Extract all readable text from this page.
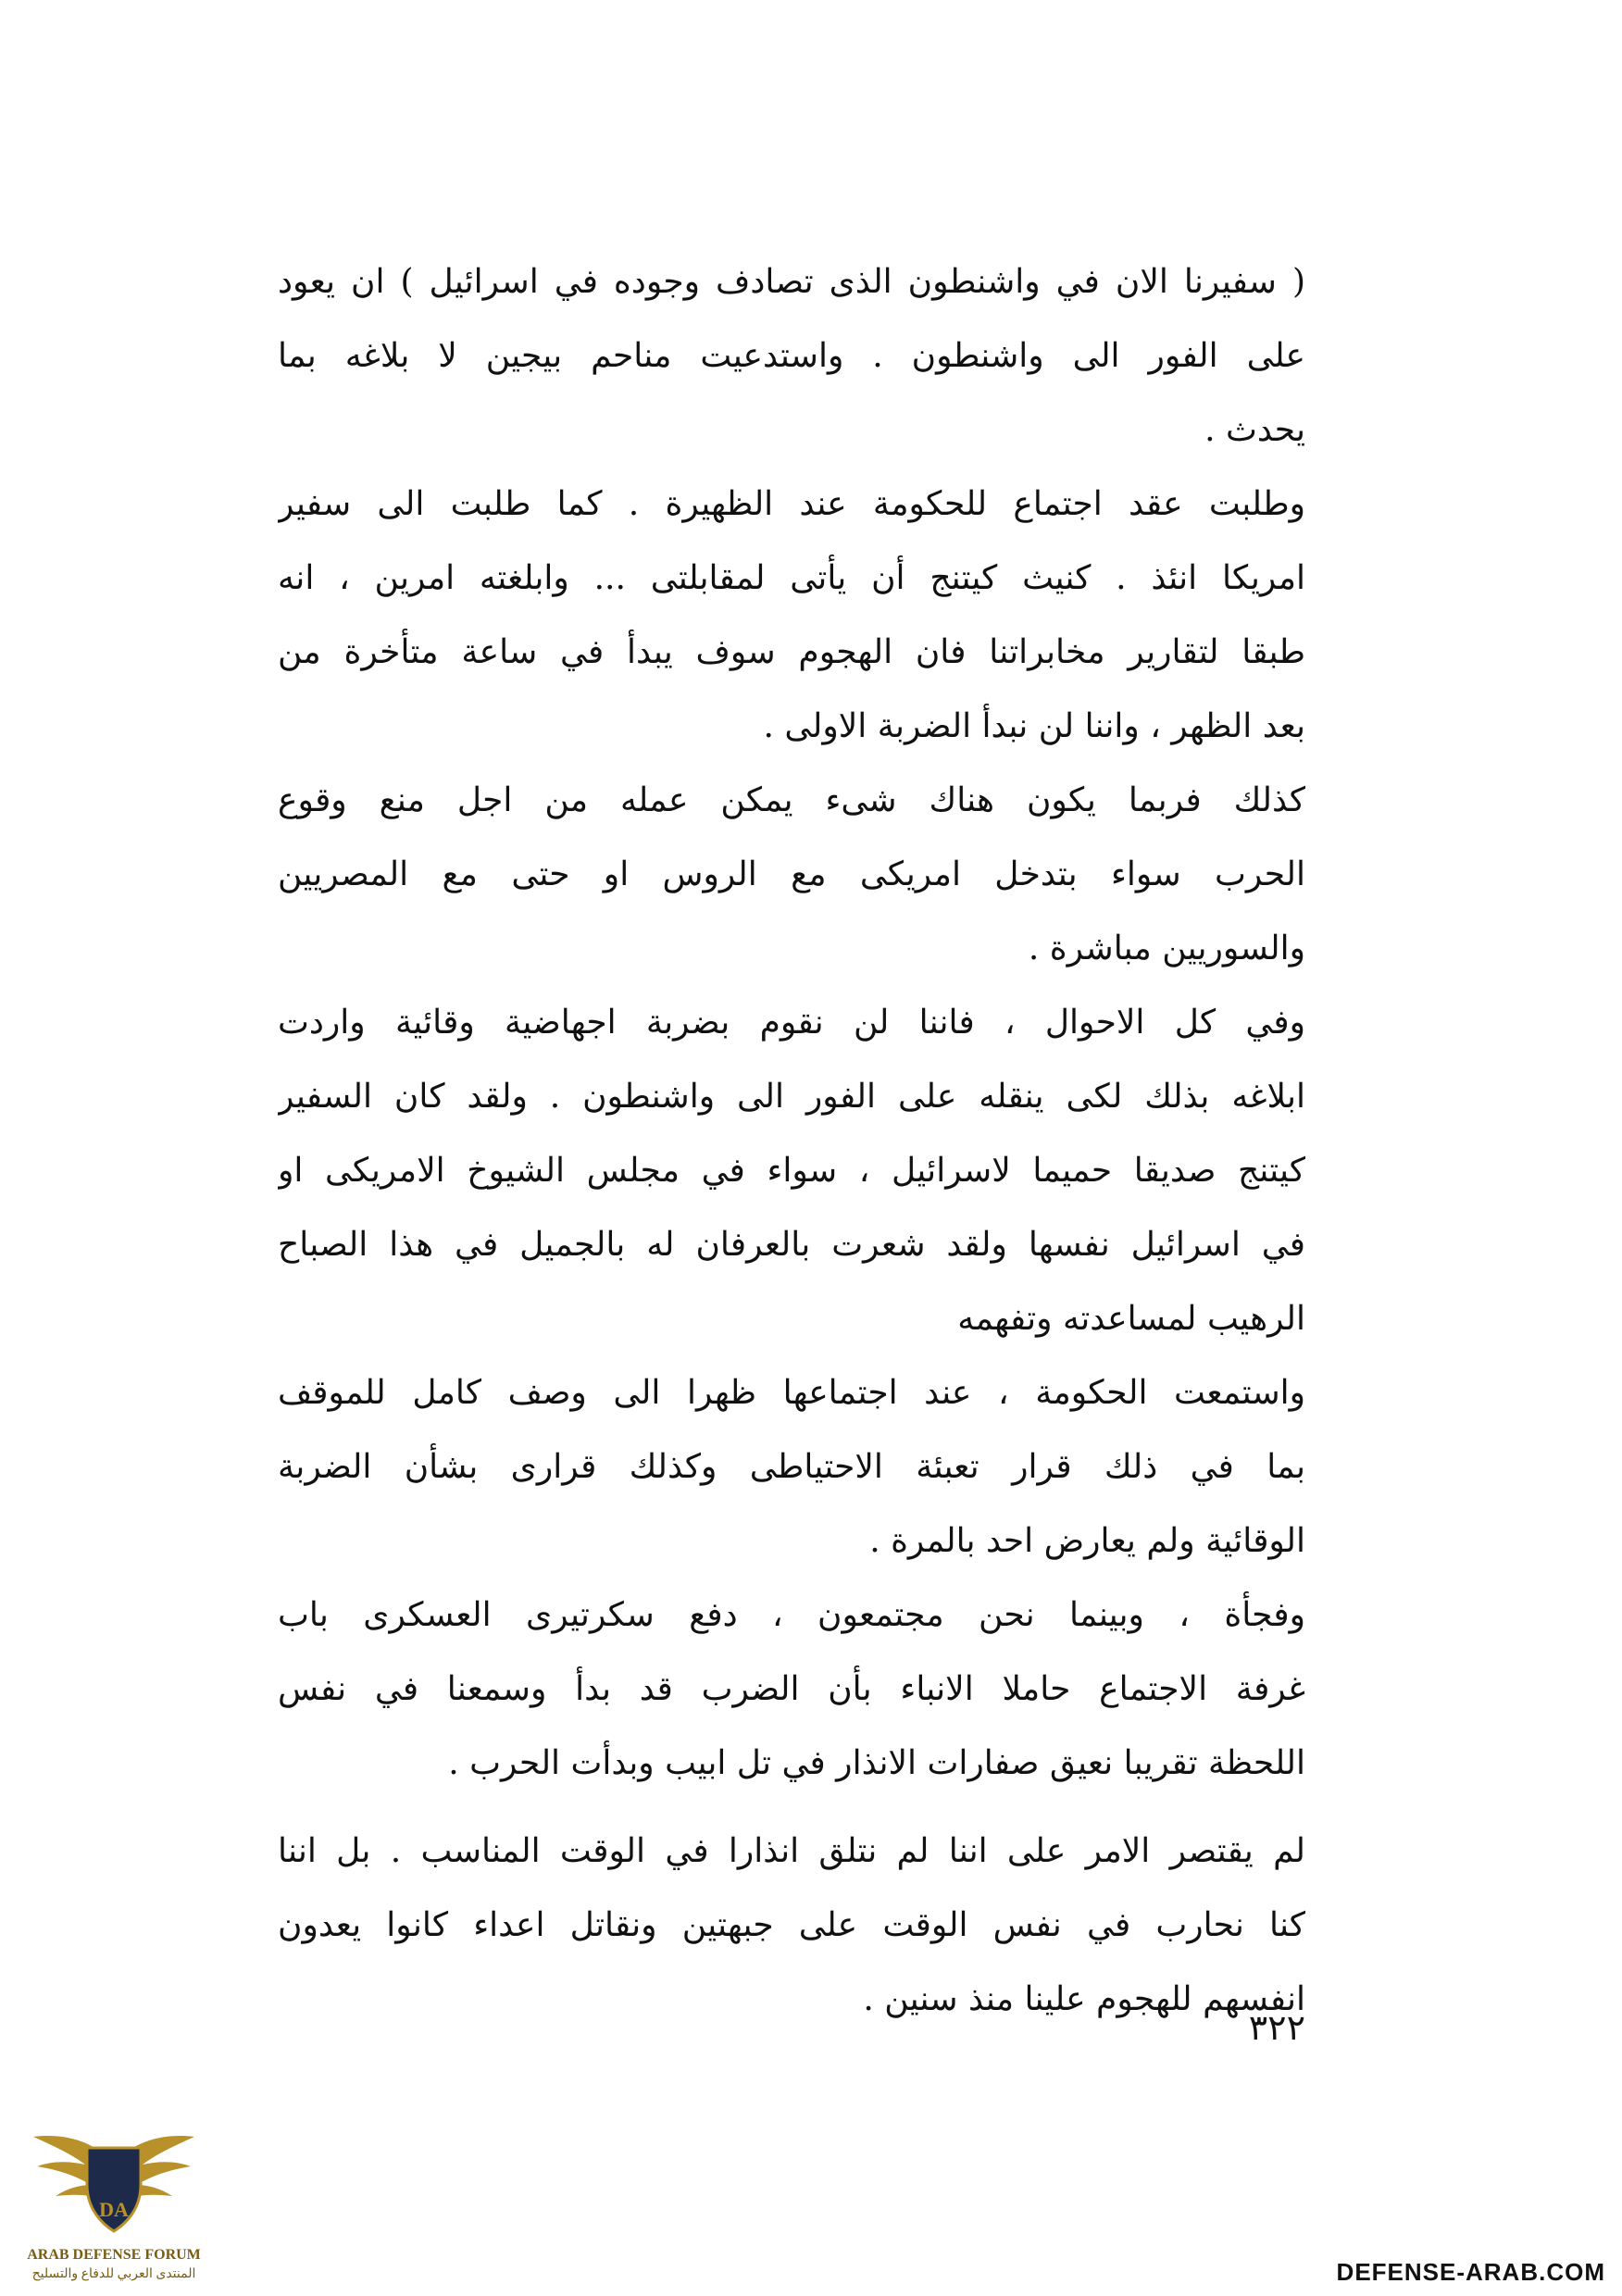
( سفيرنا الان في واشنطون الذى تصادف وجوده في اسرائيل ) ان يعود
على الفور الى واشنطون . واستدعيت مناحم بيجين لا بلاغه بما
يحدث .
وطلبت عقد اجتماع للحكومة عند الظهيرة . كما طلبت الى سفير
امريكا انئذ . كنيث كيتنج أن يأتى لمقابلتى ... وابلغته امرين ، انه
طبقا لتقارير مخابراتنا فان الهجوم سوف يبدأ في ساعة متأخرة من
بعد الظهر ، واننا لن نبدأ الضربة الاولى .
كذلك فربما يكون هناك شىء يمكن عمله من اجل منع وقوع
الحرب سواء بتدخل امريكى مع الروس او حتى مع المصريين
والسوريين مباشرة .
وفي كل الاحوال ، فاننا لن نقوم بضربة اجهاضية وقائية واردت
ابلاغه بذلك لكى ينقله على الفور الى واشنطون . ولقد كان السفير
كيتنج صديقا حميما لاسرائيل ، سواء في مجلس الشيوخ الامريكى او
في اسرائيل نفسها ولقد شعرت بالعرفان له بالجميل في هذا الصباح
الرهيب لمساعدته وتفهمه
واستمعت الحكومة ، عند اجتماعها ظهرا الى وصف كامل للموقف
بما في ذلك قرار تعبئة الاحتياطى وكذلك قرارى بشأن الضربة
الوقائية ولم يعارض احد بالمرة .
وفجأة ، وبينما نحن مجتمعون ، دفع سكرتيرى العسكرى باب
غرفة الاجتماع حاملا الانباء بأن الضرب قد بدأ وسمعنا في نفس
اللحظة تقريبا نعيق صفارات الانذار في تل ابيب وبدأت الحرب .
لم يقتصر الامر على اننا لم نتلق انذارا في الوقت المناسب . بل اننا
كنا نحارب في نفس الوقت على جبهتين ونقاتل اعداء كانوا يعدون
انفسهم للهجوم علينا منذ سنين .
٣٢٢
DA
ARAB DEFENSE FORUM
المنتدى العربي للدفاع والتسليح	DEFENSE-ARAB.COM
